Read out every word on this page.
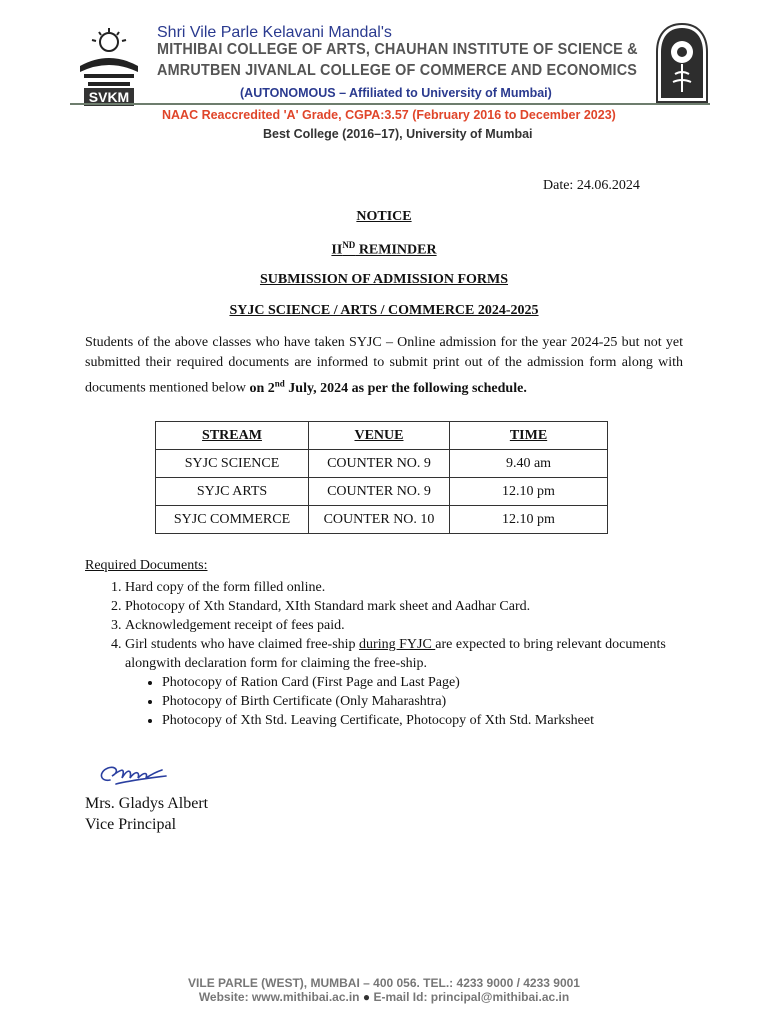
SVKM
Shri Vile Parle Kelavani Mandal's
MITHIBAI COLLEGE OF ARTS, CHAUHAN INSTITUTE OF SCIENCE &
AMRUTBEN JIVANLAL COLLEGE OF COMMERCE AND ECONOMICS
(AUTONOMOUS – Affiliated to University of Mumbai)
NAAC Reaccredited 'A' Grade, CGPA:3.57 (February 2016 to December 2023)
Best College (2016–17), University of Mumbai
Date: 24.06.2024
NOTICE
IIND REMINDER
SUBMISSION OF ADMISSION FORMS
SYJC SCIENCE / ARTS / COMMERCE 2024-2025
Students of the above classes who have taken SYJC – Online admission for the year 2024-25 but not yet submitted their required documents are informed to submit print out of the admission form along with documents mentioned below on 2nd July, 2024 as per the following schedule.
STREAM	VENUE	TIME
SYJC SCIENCE	COUNTER NO. 9	9.40 am
SYJC ARTS	COUNTER NO. 9	12.10 pm
SYJC COMMERCE	COUNTER NO. 10	12.10 pm
Required Documents:
1. Hard copy of the form filled online.
2. Photocopy of Xth Standard, XIth Standard mark sheet and Aadhar Card.
3. Acknowledgement receipt of fees paid.
4. Girl students who have claimed free-ship during FYJC are expected to bring relevant documents alongwith declaration form for claiming the free-ship.
• Photocopy of Ration Card (First Page and Last Page)
• Photocopy of Birth Certificate (Only Maharashtra)
• Photocopy of Xth Std. Leaving Certificate, Photocopy of Xth Std. Marksheet
Mrs. Gladys Albert
Vice Principal
VILE PARLE (WEST), MUMBAI – 400 056. TEL.: 4233 9000 / 4233 9001
Website: www.mithibai.ac.in ● E-mail Id: principal@mithibai.ac.in
